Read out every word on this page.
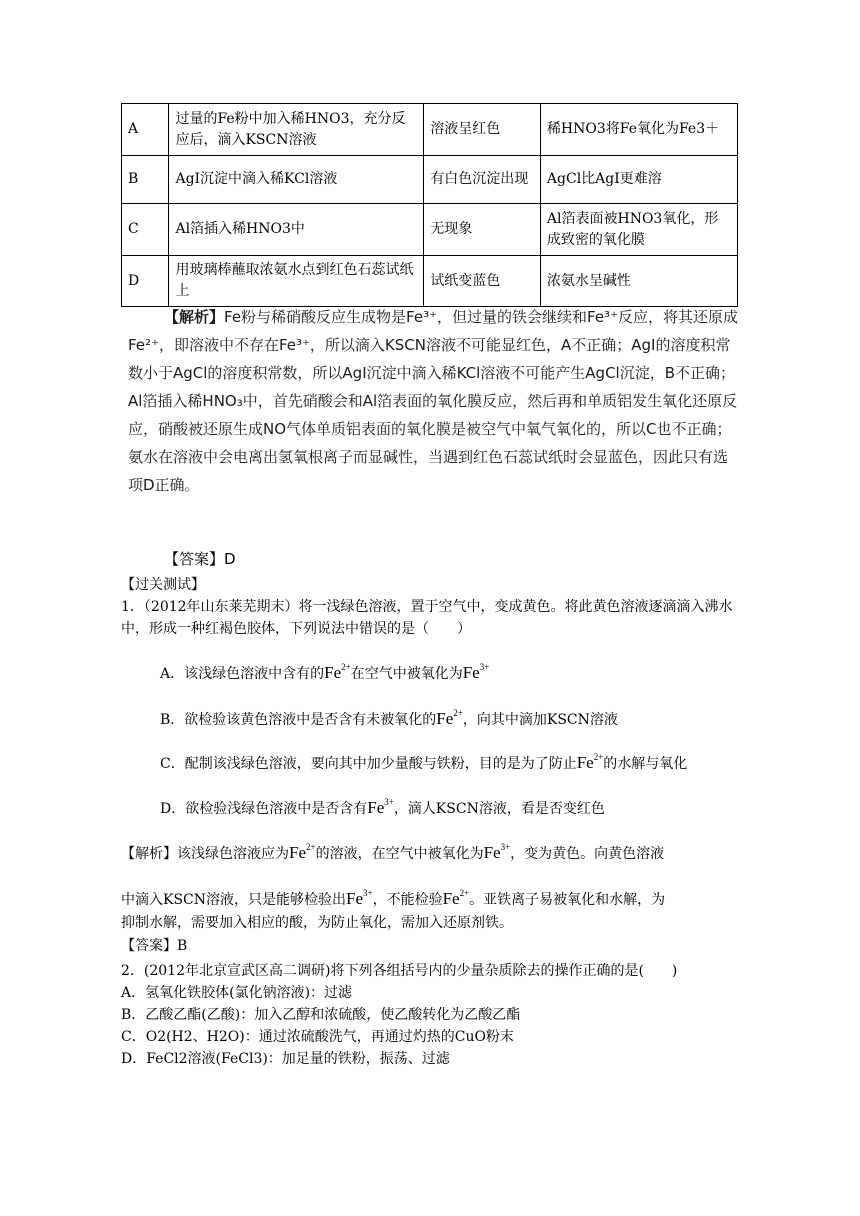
A	过量的Fe粉中加入稀HNO3，充分反应后，滴入KSCN溶液	溶液呈红色	稀HNO3将Fe氧化为Fe3＋
B	AgI沉淀中滴入稀KCl溶液	有白色沉淀出现	AgCl比AgI更难溶
C	Al箔插入稀HNO3中	无现象	Al箔表面被HNO3氧化，形成致密的氧化膜
D	用玻璃棒蘸取浓氨水点到红色石蕊试纸上	试纸变蓝色	浓氨水呈碱性

【解析】Fe粉与稀硝酸反应生成物是Fe³⁺，但过量的铁会继续和Fe³⁺反应，将其还原成Fe²⁺，即溶液中不存在Fe³⁺，所以滴入KSCN溶液不可能显红色，A不正确；AgI的溶度积常数小于AgCl的溶度积常数，所以AgI沉淀中滴入稀KCl溶液不可能产生AgCl沉淀，B不正确；Al箔插入稀HNO₃中，首先硝酸会和Al箔表面的氧化膜反应，然后再和单质铝发生氧化还原反应，硝酸被还原生成NO气体单质铝表面的氧化膜是被空气中氧气氧化的，所以C也不正确；氨水在溶液中会电离出氢氧根离子而显碱性，当遇到红色石蕊试纸时会显蓝色，因此只有选项D正确。

【答案】D
【过关测试】

1．（2012年山东莱芜期末）将一浅绿色溶液，置于空气中，变成黄色。将此黄色溶液逐滴滴入沸水中，形成一种红褐色胶体，下列说法中错误的是（　　）

A．该浅绿色溶液中含有的$Fe^{2+}$在空气中被氧化为$Fe^{3+}$
B．欲检验该黄色溶液中是否含有未被氧化的$Fe^{2+}$，向其中滴加KSCN溶液
C．配制该浅绿色溶液，要向其中加少量酸与铁粉，目的是为了防止$Fe^{2+}$的水解与氧化
D．欲检验浅绿色溶液中是否含有$Fe^{3+}$，滴人KSCN溶液，看是否变红色
【解析】该浅绿色溶液应为$Fe^{2+}$的溶液，在空气中被氧化为$Fe^{3+}$，变为黄色。向黄色溶液
中滴入KSCN溶液，只是能够检验出$Fe^{3+}$，不能检验$Fe^{2+}$。亚铁离子易被氧化和水解，为
抑制水解，需要加入相应的酸，为防止氧化，需加入还原剂铁。
【答案】B
2．(2012年北京宣武区高二调研)将下列各组括号内的少量杂质除去的操作正确的是(　　)
A．氢氧化铁胶体(氯化钠溶液)：过滤
B．乙酸乙酯(乙酸)：加入乙醇和浓硫酸，使乙酸转化为乙酸乙酯
C．O2(H2、H2O)：通过浓硫酸洗气，再通过灼热的CuO粉末
D．FeCl2溶液(FeCl3)：加足量的铁粉，振荡、过滤
